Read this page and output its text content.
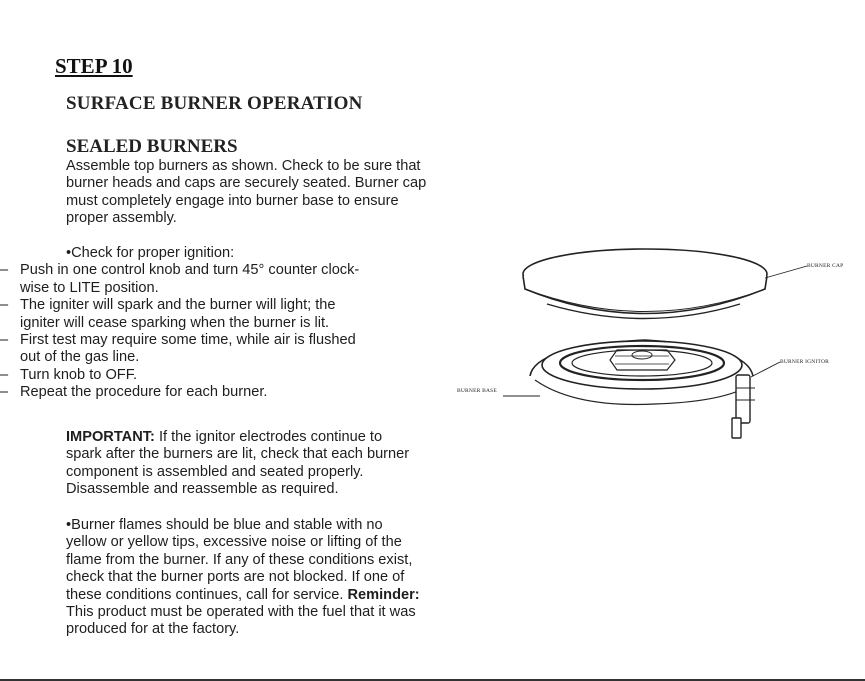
STEP 10
SURFACE BURNER OPERATION
SEALED BURNERS
Assemble top burners as shown. Check to be sure that
burner heads and caps are securely seated. Burner cap
must completely engage into burner base to ensure
proper assembly.
•Check for proper ignition:
– Push in one control knob and turn 45° counter clock-
wise to LITE position.
– The igniter will spark and the burner will light; the
igniter will cease sparking when the burner is lit.
– First test may require some time, while air is flushed
out of the gas line.
– Turn knob to OFF.
– Repeat the procedure for each burner.
IMPORTANT: If the ignitor electrodes continue to
spark after the burners are lit, check that each burner
component is assembled and seated properly.
Disassemble and reassemble as required.
•Burner flames should be blue and stable with no
yellow or yellow tips, excessive noise or lifting of the
flame from the burner. If any of these conditions exist,
check that the burner ports are not blocked. If one of
these conditions continues, call for service. Reminder:
This product must be operated with the fuel that it was
produced for at the factory.
BURNER CAP
BURNER IGNITOR
BURNER BASE
